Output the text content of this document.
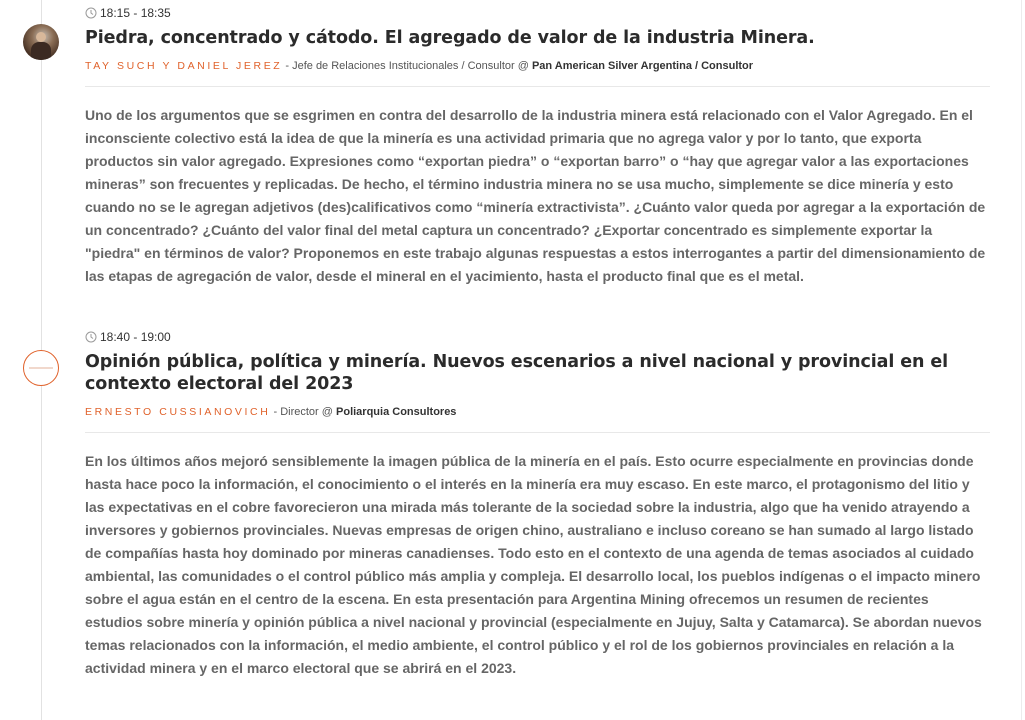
18:15 - 18:35
Piedra, concentrado y cátodo. El agregado de valor de la industria Minera.
TAY SUCH Y DANIEL JEREZ - Jefe de Relaciones Institucionales / Consultor @ Pan American Silver Argentina / Consultor

Uno de los argumentos que se esgrimen en contra del desarrollo de la industria minera está relacionado con el Valor Agregado. En el inconsciente colectivo está la idea de que la minería es una actividad primaria que no agrega valor y por lo tanto, que exporta productos sin valor agregado. Expresiones como “exportan piedra” o “exportan barro” o “hay que agregar valor a las exportaciones mineras” son frecuentes y replicadas. De hecho, el término industria minera no se usa mucho, simplemente se dice minería y esto cuando no se le agregan adjetivos (des)calificativos como “minería extractivista”. ¿Cuánto valor queda por agregar a la exportación de un concentrado? ¿Cuánto del valor final del metal captura un concentrado? ¿Exportar concentrado es simplemente exportar la "piedra" en términos de valor? Proponemos en este trabajo algunas respuestas a estos interrogantes a partir del dimensionamiento de las etapas de agregación de valor, desde el mineral en el yacimiento, hasta el producto final que es el metal.

18:40 - 19:00
Opinión pública, política y minería. Nuevos escenarios a nivel nacional y provincial en el contexto electoral del 2023
ERNESTO CUSSIANOVICH - Director @ Poliarquia Consultores

En los últimos años mejoró sensiblemente la imagen pública de la minería en el país. Esto ocurre especialmente en provincias donde hasta hace poco la información, el conocimiento o el interés en la minería era muy escaso. En este marco, el protagonismo del litio y las expectativas en el cobre favorecieron una mirada más tolerante de la sociedad sobre la industria, algo que ha venido atrayendo a inversores y gobiernos provinciales. Nuevas empresas de origen chino, australiano e incluso coreano se han sumado al largo listado de compañías hasta hoy dominado por mineras canadienses. Todo esto en el contexto de una agenda de temas asociados al cuidado ambiental, las comunidades o el control público más amplia y compleja. El desarrollo local, los pueblos indígenas o el impacto minero sobre el agua están en el centro de la escena. En esta presentación para Argentina Mining ofrecemos un resumen de recientes estudios sobre minería y opinión pública a nivel nacional y provincial (especialmente en Jujuy, Salta y Catamarca). Se abordan nuevos temas relacionados con la información, el medio ambiente, el control público y el rol de los gobiernos provinciales en relación a la actividad minera y en el marco electoral que se abrirá en el 2023.
